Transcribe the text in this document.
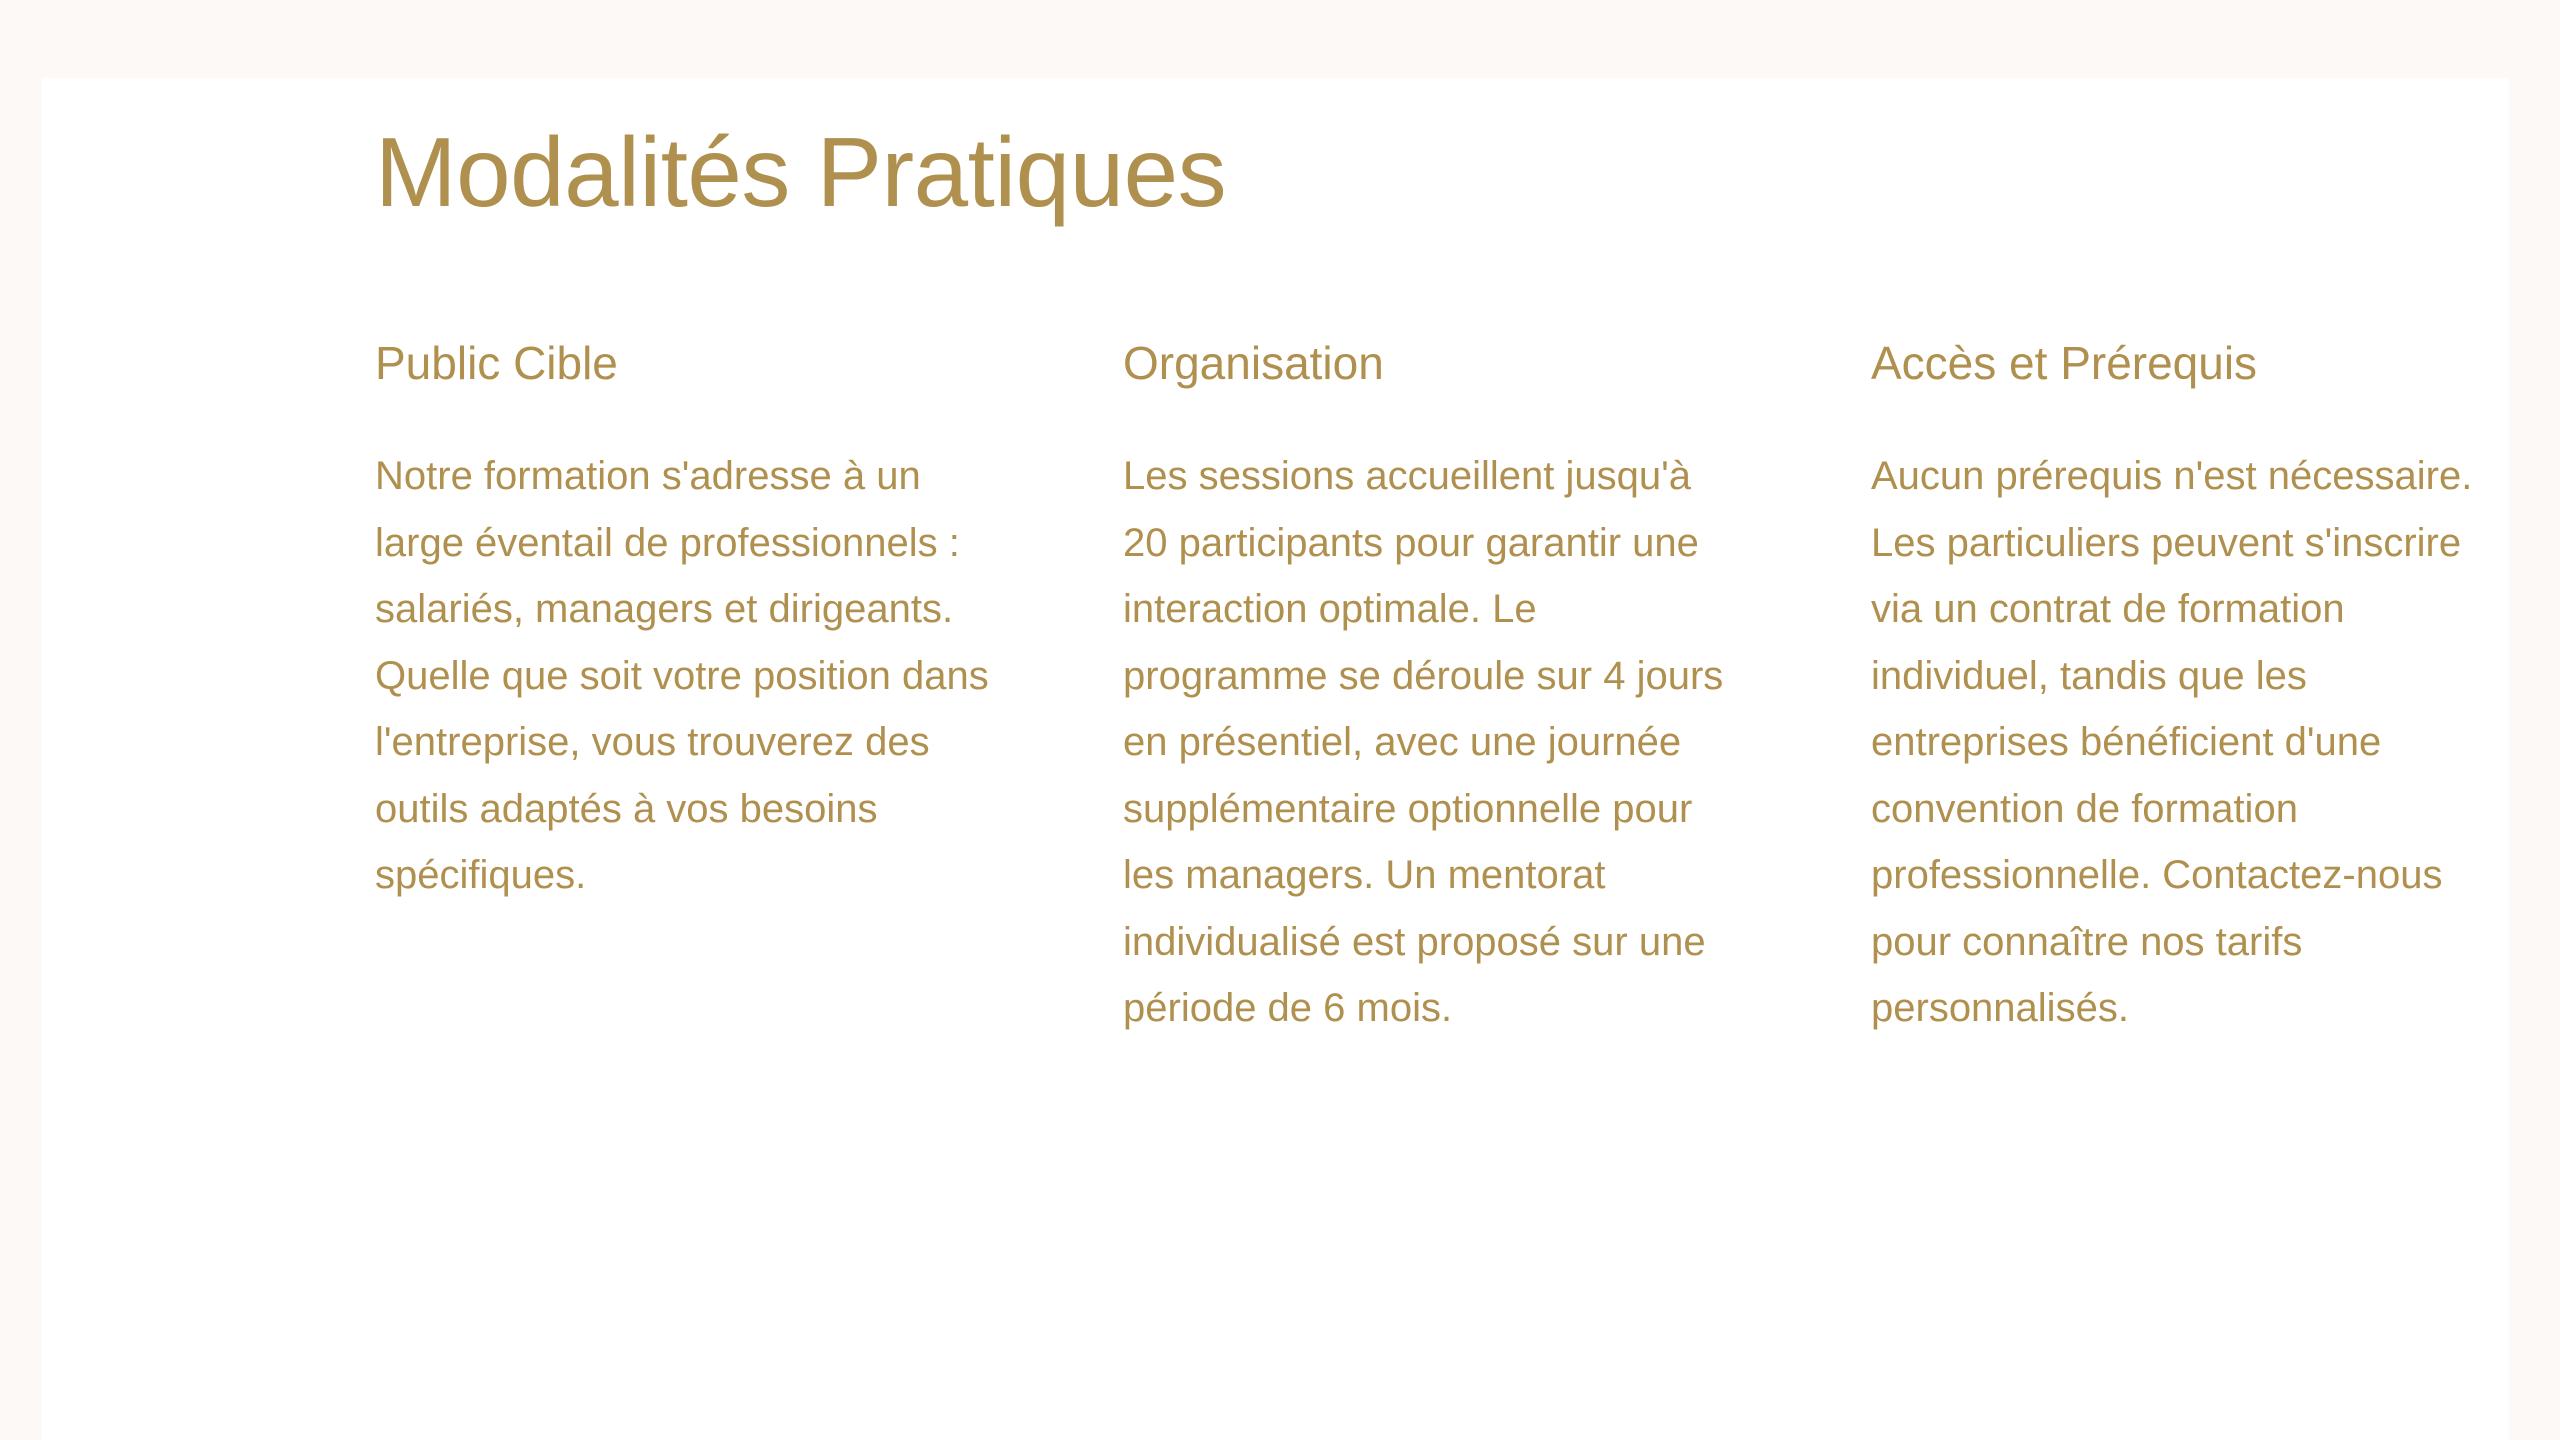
Modalités Pratiques
Public Cible

Notre formation s'adresse à un large éventail de professionnels : salariés, managers et dirigeants. Quelle que soit votre position dans l'entreprise, vous trouverez des outils adaptés à vos besoins spécifiques.

Organisation

Les sessions accueillent jusqu'à 20 participants pour garantir une interaction optimale. Le programme se déroule sur 4 jours en présentiel, avec une journée supplémentaire optionnelle pour les managers. Un mentorat individualisé est proposé sur une période de 6 mois.

Accès et Prérequis

Aucun prérequis n'est nécessaire. Les particuliers peuvent s'inscrire via un contrat de formation individuel, tandis que les entreprises bénéficient d'une convention de formation professionnelle. Contactez-nous pour connaître nos tarifs personnalisés.
